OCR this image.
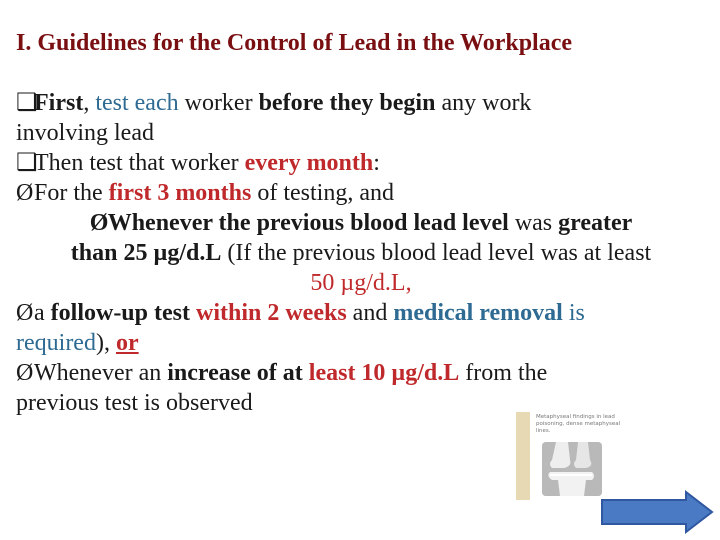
I. Guidelines for the Control of Lead in the Workplace
❑First, test each worker before they begin any work
involving lead
❑Then test that worker every month:
ØFor the first 3 months of testing, and
ØWhenever the previous blood lead level was greater
than 25 µg/d.L (If the previous blood lead level was at least
50 µg/d.L,
Øa follow-up test within 2 weeks and medical removal is
required), or
ØWhenever an increase of at least 10 µg/d.L from the
previous test is observed
Metaphyseal findings in lead poisoning, dense metaphyseal lines.
